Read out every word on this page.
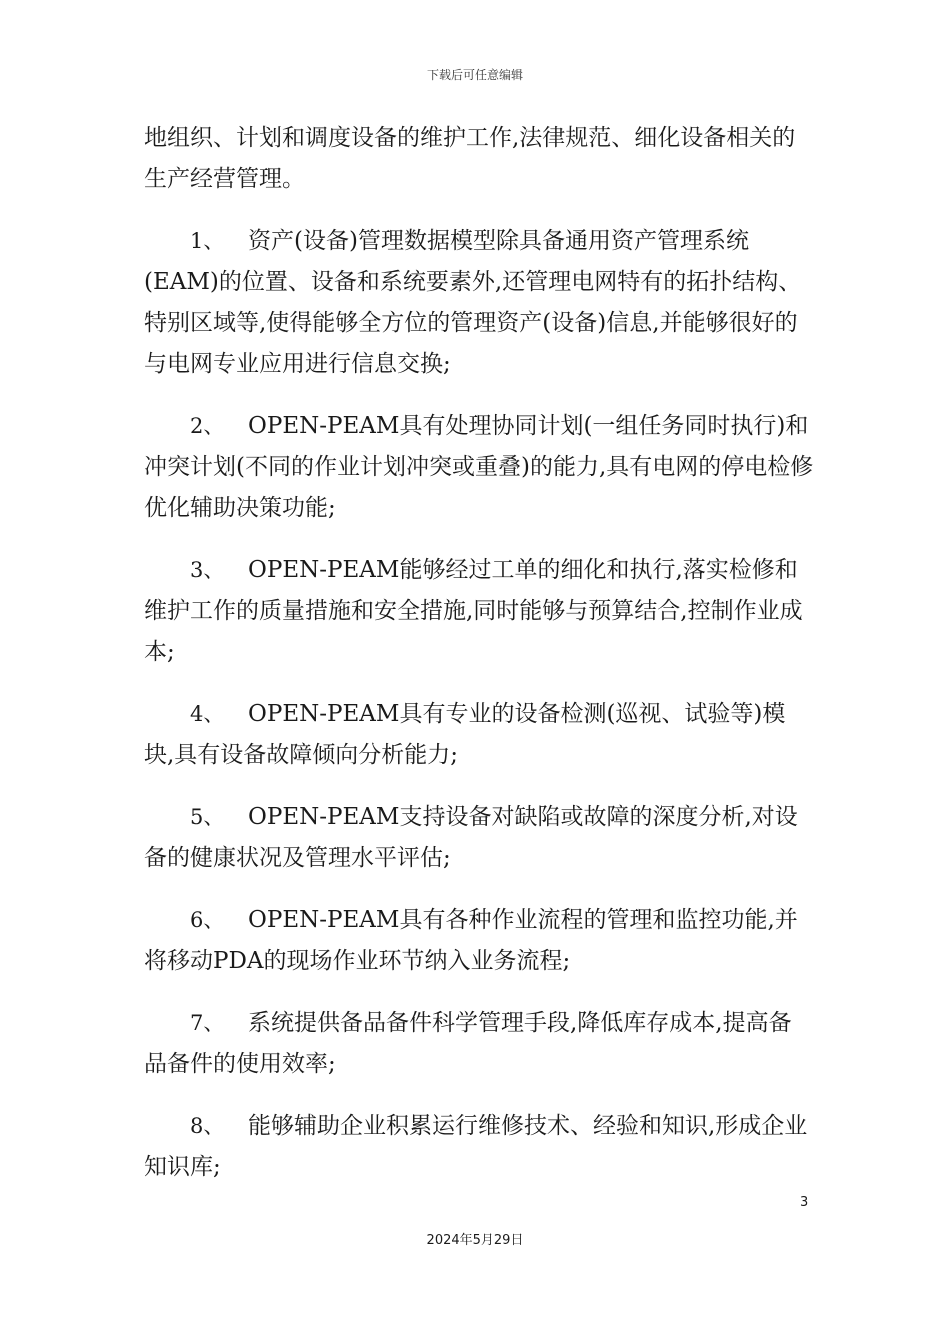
下载后可任意编辑

地组织、计划和调度设备的维护工作,法律规范、细化设备相关的生产经营管理。

1、 资产(设备)管理数据模型除具备通用资产管理系统(EAM)的位置、设备和系统要素外,还管理电网特有的拓扑结构、特别区域等,使得能够全方位的管理资产(设备)信息,并能够很好的与电网专业应用进行信息交换;

2、 OPEN-PEAM具有处理协同计划(一组任务同时执行)和冲突计划(不同的作业计划冲突或重叠)的能力,具有电网的停电检修优化辅助决策功能;

3、 OPEN-PEAM能够经过工单的细化和执行,落实检修和维护工作的质量措施和安全措施,同时能够与预算结合,控制作业成本;

4、 OPEN-PEAM具有专业的设备检测(巡视、试验等)模块,具有设备故障倾向分析能力;

5、 OPEN-PEAM支持设备对缺陷或故障的深度分析,对设备的健康状况及管理水平评估;

6、 OPEN-PEAM具有各种作业流程的管理和监控功能,并将移动PDA的现场作业环节纳入业务流程;

7、 系统提供备品备件科学管理手段,降低库存成本,提高备品备件的使用效率;

8、 能够辅助企业积累运行维修技术、经验和知识,形成企业知识库;

3
2024年5月29日
